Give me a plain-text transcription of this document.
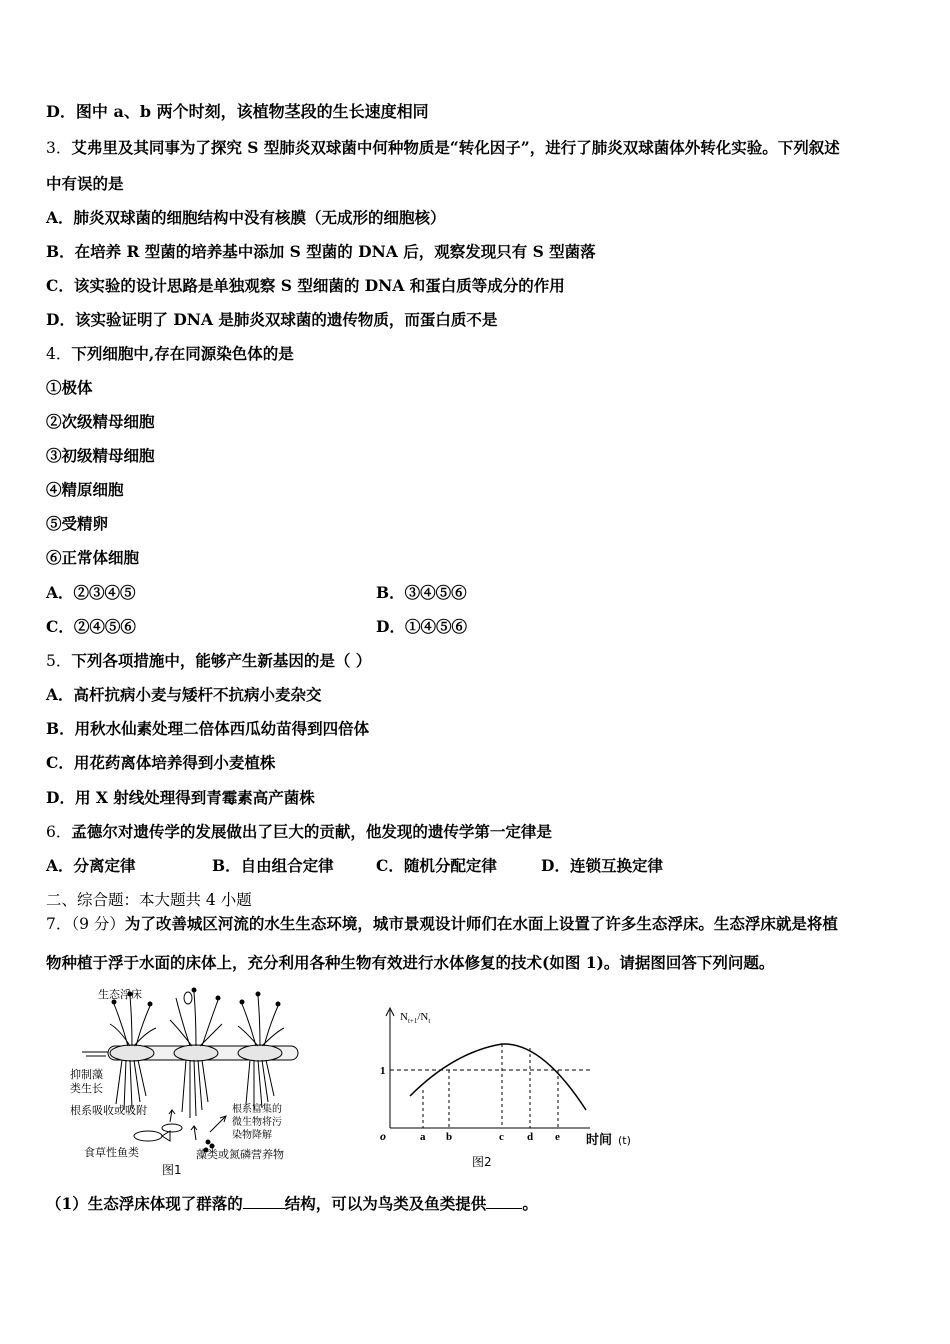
D．图中 a、b 两个时刻，该植物茎段的生长速度相同
3．艾弗里及其同事为了探究 S 型肺炎双球菌中何种物质是“转化因子”，进行了肺炎双球菌体外转化实验。下列叙述
中有误的是
A．肺炎双球菌的细胞结构中没有核膜（无成形的细胞核）
B．在培养 R 型菌的培养基中添加 S 型菌的 DNA 后，观察发现只有 S 型菌落
C．该实验的设计思路是单独观察 S 型细菌的 DNA 和蛋白质等成分的作用
D．该实验证明了 DNA 是肺炎双球菌的遗传物质，而蛋白质不是
4．下列细胞中,存在同源染色体的是
①极体
②次级精母细胞
③初级精母细胞
④精原细胞
⑤受精卵
⑥正常体细胞
A．②③④⑤	B．③④⑤⑥
C．②④⑤⑥	D．①④⑤⑥
5．下列各项措施中，能够产生新基因的是（ ）
A．高杆抗病小麦与矮杆不抗病小麦杂交
B．用秋水仙素处理二倍体西瓜幼苗得到四倍体
C．用花药离体培养得到小麦植株
D．用 X 射线处理得到青霉素高产菌株
6．孟德尔对遗传学的发展做出了巨大的贡献，他发现的遗传学第一定律是
A．分离定律	B．自由组合定律	C．随机分配定律	D．连锁互换定律
二、综合题：本大题共 4 小题
7．（9 分）为了改善城区河流的水生生态环境，城市景观设计师们在水面上设置了许多生态浮床。生态浮床就是将植
物种植于浮于水面的床体上，充分利用各种生物有效进行水体修复的技术(如图 1)。请据图回答下列问题。
生态浮床
抑制藻
类生长
根系吸收或吸附	根系富集的
微生物将污
染物降解
食草性鱼类	藻类或氮磷营养物
图1
$N_{t+1}/N_t$
1
o	a b	c d e 时间 (t)
图2
（1）生态浮床体现了群落的	结构，可以为鸟类及鱼类提供 。
